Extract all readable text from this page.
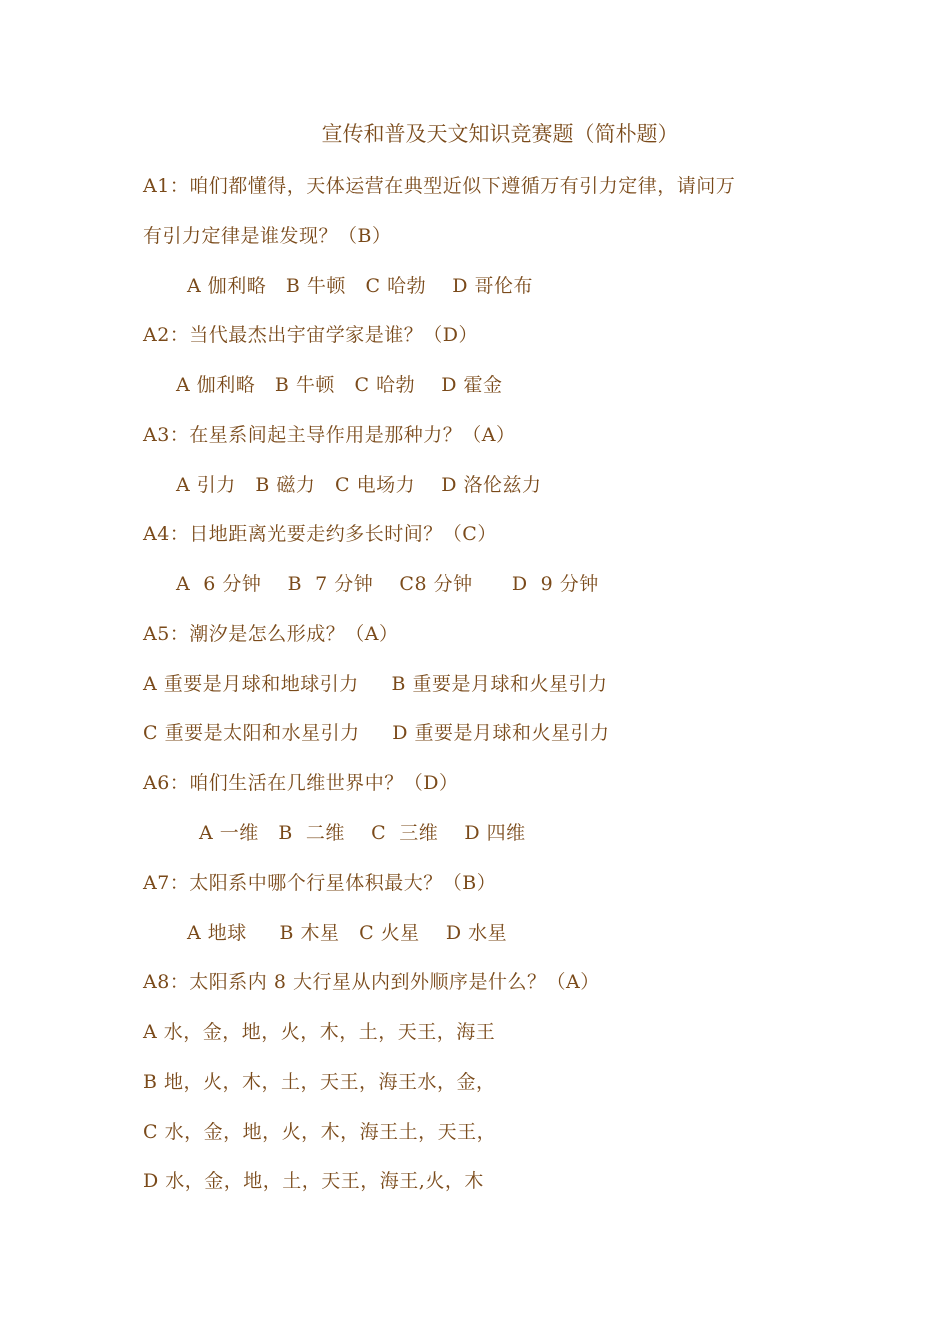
宣传和普及天文知识竞赛题（简朴题）
A1：咱们都懂得，天体运营在典型近似下遵循万有引力定律，请问万
有引力定律是谁发现？（B）
A 伽利略   B 牛顿   C 哈勃    D 哥伦布
A2：当代最杰出宇宙学家是谁？（D）
A 伽利略   B 牛顿   C 哈勃    D 霍金
A3：在星系间起主导作用是那种力？（A）
A 引力   B 磁力   C 电场力    D 洛伦兹力
A4：日地距离光要走约多长时间？（C）
A  6 分钟    B  7 分钟    C8 分钟      D  9 分钟
A5：潮汐是怎么形成？（A）
A 重要是月球和地球引力     B 重要是月球和火星引力
C 重要是太阳和水星引力     D 重要是月球和火星引力
A6：咱们生活在几维世界中？（D）
A 一维   B  二维    C  三维    D 四维
A7：太阳系中哪个行星体积最大？（B）
A 地球     B 木星   C 火星    D 水星
A8：太阳系内 8 大行星从内到外顺序是什么？（A）
A 水，金，地，火，木，土，天王，海王
B 地，火，木，土，天王，海王水，金，
C 水，金，地，火，木，海王土，天王，
D 水，金，地，土，天王，海王,火，木
